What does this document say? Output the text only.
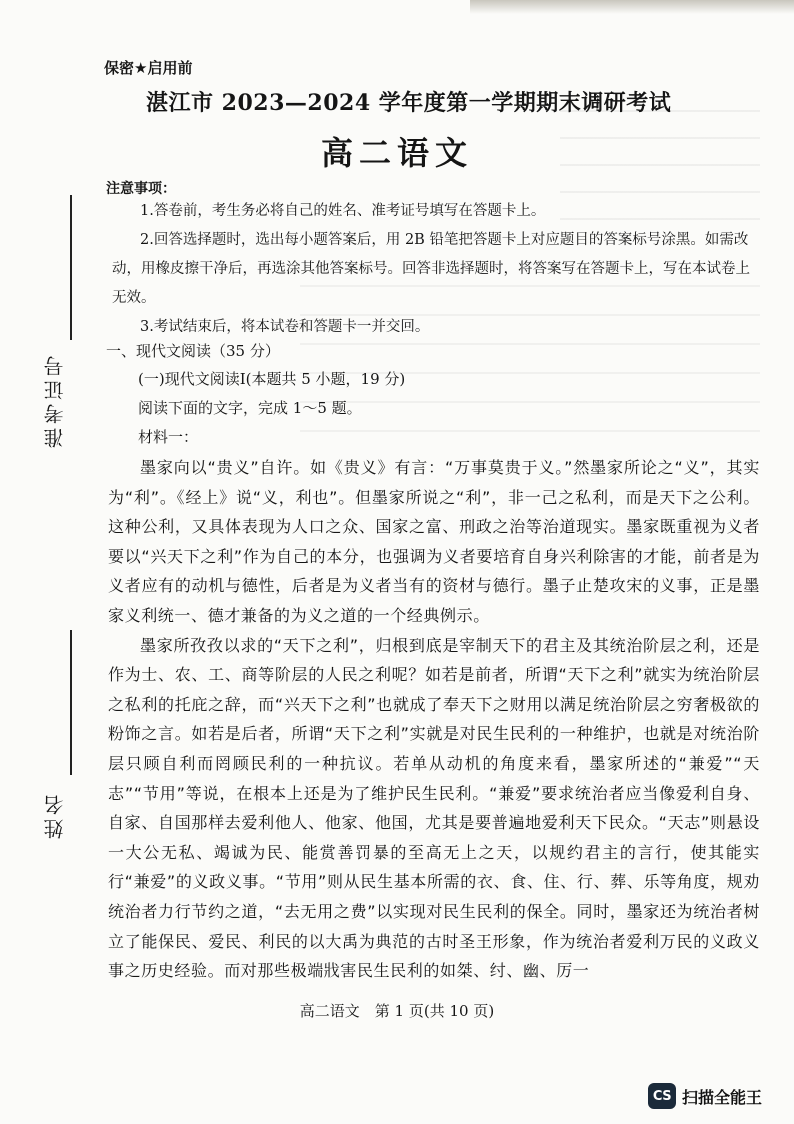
保密★启用前
湛江市 2023—2024 学年度第一学期期末调研考试
高二语文
注意事项：
1.答卷前，考生务必将自己的姓名、准考证号填写在答题卡上。
2.回答选择题时，选出每小题答案后，用 2B 铅笔把答题卡上对应题目的答案标号涂黑。如需改动，用橡皮擦干净后，再选涂其他答案标号。回答非选择题时，将答案写在答题卡上，写在本试卷上无效。
3.考试结束后，将本试卷和答题卡一并交回。
一、现代文阅读（35 分）
(一)现代文阅读Ⅰ(本题共 5 小题，19 分)
阅读下面的文字，完成 1～5 题。
材料一：

墨家向以“贵义”自许。如《贵义》有言：“万事莫贵于义。”然墨家所论之“义”，其实为“利”。《经上》说“义，利也”。但墨家所说之“利”，非一己之私利，而是天下之公利。这种公利，又具体表现为人口之众、国家之富、刑政之治等治道现实。墨家既重视为义者要以“兴天下之利”作为自己的本分，也强调为义者要培育自身兴利除害的才能，前者是为义者应有的动机与德性，后者是为义者当有的资材与德行。墨子止楚攻宋的义事，正是墨家义利统一、德才兼备的为义之道的一个经典例示。

墨家所孜孜以求的“天下之利”，归根到底是宰制天下的君主及其统治阶层之利，还是作为士、农、工、商等阶层的人民之利呢？如若是前者，所谓“天下之利”就实为统治阶层之私利的托庇之辞，而“兴天下之利”也就成了奉天下之财用以满足统治阶层之穷奢极欲的粉饰之言。如若是后者，所谓“天下之利”实就是对民生民利的一种维护，也就是对统治阶层只顾自利而罔顾民利的一种抗议。若单从动机的角度来看，墨家所述的“兼爱”“天志”“节用”等说，在根本上还是为了维护民生民利。“兼爱”要求统治者应当像爱利自身、自家、自国那样去爱利他人、他家、他国，尤其是要普遍地爱利天下民众。“天志”则悬设一大公无私、竭诚为民、能赏善罚暴的至高无上之天，以规约君主的言行，使其能实行“兼爱”的义政义事。“节用”则从民生基本所需的衣、食、住、行、葬、乐等角度，规劝统治者力行节约之道，“去无用之费”以实现对民生民利的保全。同时，墨家还为统治者树立了能保民、爱民、利民的以大禹为典范的古时圣王形象，作为统治者爱利万民的义政义事之历史经验。而对那些极端戕害民生民利的如桀、纣、幽、厉一

准考证号
姓名
高二语文　第 1 页(共 10 页)
CS 扫描全能王
